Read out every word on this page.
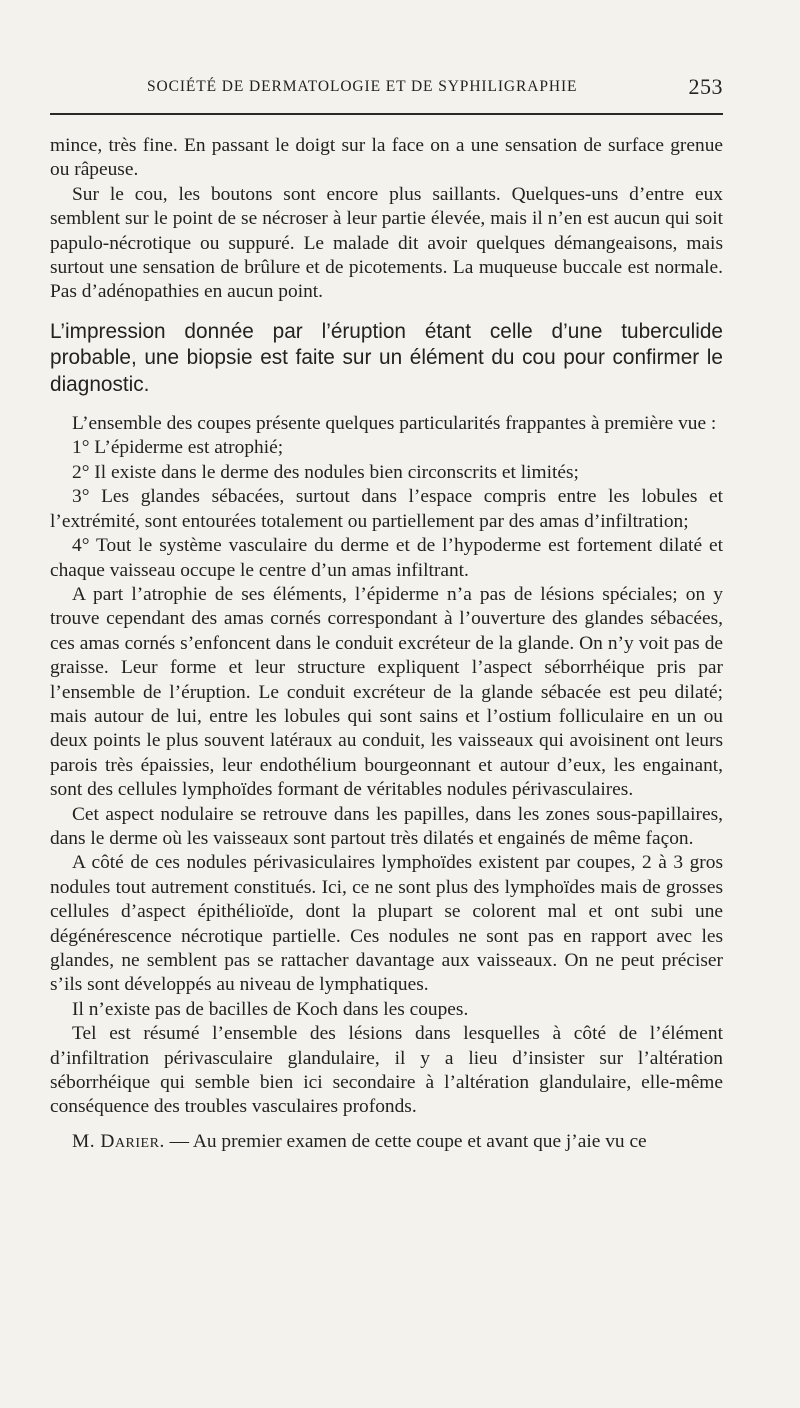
SOCIÉTÉ DE DERMATOLOGIE ET DE SYPHILIGRAPHIE	253

mince, très fine. En passant le doigt sur la face on a une sensation de surface grenue ou râpeuse.

Sur le cou, les boutons sont encore plus saillants. Quelques-uns d’entre eux semblent sur le point de se nécroser à leur partie élevée, mais il n’en est aucun qui soit papulo-nécrotique ou suppuré. Le malade dit avoir quelques démangeaisons, mais surtout une sensation de brûlure et de picotements. La muqueuse buccale est normale. Pas d’adénopathies en aucun point.

L’impression donnée par l’éruption étant celle d’une tuberculide probable, une biopsie est faite sur un élément du cou pour confirmer le diagnostic.

L’ensemble des coupes présente quelques particularités frappantes à première vue :

1° L’épiderme est atrophié;

2° Il existe dans le derme des nodules bien circonscrits et limités;

3° Les glandes sébacées, surtout dans l’espace compris entre les lobules et l’extrémité, sont entourées totalement ou partiellement par des amas d’infiltration;

4° Tout le système vasculaire du derme et de l’hypoderme est fortement dilaté et chaque vaisseau occupe le centre d’un amas infiltrant.

A part l’atrophie de ses éléments, l’épiderme n’a pas de lésions spéciales; on y trouve cependant des amas cornés correspondant à l’ouverture des glandes sébacées, ces amas cornés s’enfoncent dans le conduit excréteur de la glande. On n’y voit pas de graisse. Leur forme et leur structure expliquent l’aspect séborrhéique pris par l’ensemble de l’éruption. Le conduit excréteur de la glande sébacée est peu dilaté; mais autour de lui, entre les lobules qui sont sains et l’ostium folliculaire en un ou deux points le plus souvent latéraux au conduit, les vaisseaux qui avoisinent ont leurs parois très épaissies, leur endothélium bourgeonnant et autour d’eux, les engainant, sont des cellules lymphoïdes formant de véritables nodules périvasculaires.

Cet aspect nodulaire se retrouve dans les papilles, dans les zones sous-papillaires, dans le derme où les vaisseaux sont partout très dilatés et engainés de même façon.

A côté de ces nodules périvasiculaires lymphoïdes existent par coupes, 2 à 3 gros nodules tout autrement constitués. Ici, ce ne sont plus des lymphoïdes mais de grosses cellules d’aspect épithélioïde, dont la plupart se colorent mal et ont subi une dégénérescence nécrotique partielle. Ces nodules ne sont pas en rapport avec les glandes, ne semblent pas se rattacher davantage aux vaisseaux. On ne peut préciser s’ils sont développés au niveau de lymphatiques.

Il n’existe pas de bacilles de Koch dans les coupes.

Tel est résumé l’ensemble des lésions dans lesquelles à côté de l’élément d’infiltration périvasculaire glandulaire, il y a lieu d’insister sur l’altération séborrhéique qui semble bien ici secondaire à l’altération glandulaire, elle-même conséquence des troubles vasculaires profonds.

M. Darier. — Au premier examen de cette coupe et avant que j’aie vu ce
